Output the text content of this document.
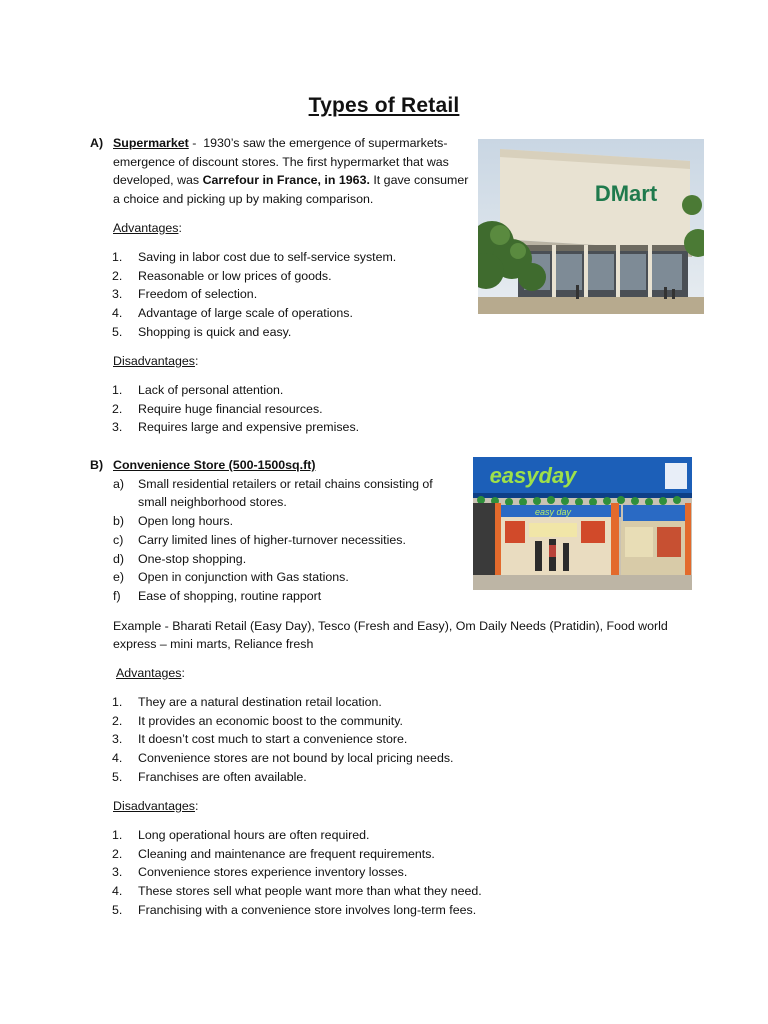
Types of Retail
A) Supermarket -  1930’s saw the emergence of supermarkets-
emergence of discount stores. The first hypermarket that was
developed, was Carrefour in France, in 1963. It gave consumer
a choice and picking up by making comparison.
Advantages:
1. Saving in labor cost due to self-service system.
2. Reasonable or low prices of goods.
3. Freedom of selection.
4. Advantage of large scale of operations.
5. Shopping is quick and easy.
Disadvantages:
1. Lack of personal attention.
2. Require huge financial resources.
3. Requires large and expensive premises.
DMart
B) Convenience Store (500-1500sq.ft)
a) Small residential retailers or retail chains consisting of
small neighborhood stores.
b) Open long hours.
c) Carry limited lines of higher-turnover necessities.
d) One-stop shopping.
e) Open in conjunction with Gas stations.
f) Ease of shopping, routine rapport
Example - Bharati Retail (Easy Day), Tesco (Fresh and Easy), Om Daily Needs (Pratidin), Food world
express – mini marts, Reliance fresh
Advantages:
1. They are a natural destination retail location.
2. It provides an economic boost to the community.
3. It doesn’t cost much to start a convenience store.
4. Convenience stores are not bound by local pricing needs.
5. Franchises are often available.
Disadvantages:
1. Long operational hours are often required.
2. Cleaning and maintenance are frequent requirements.
3. Convenience stores experience inventory losses.
4. These stores sell what people want more than what they need.
5. Franchising with a convenience store involves long-term fees.
easyday
easy day
